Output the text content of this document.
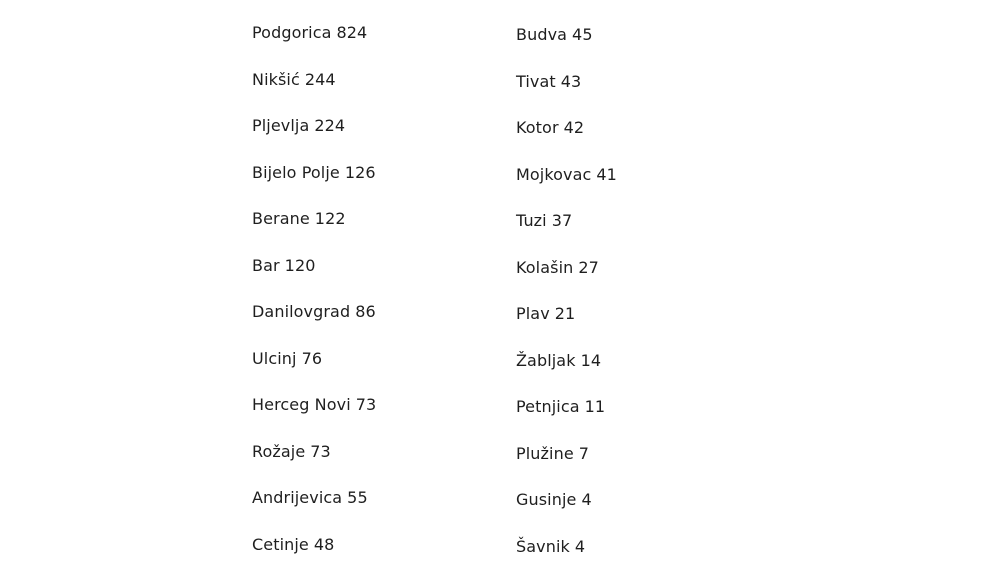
Podgorica 824
Nikšić 244
Pljevlja 224
Bijelo Polje 126
Berane 122
Bar 120
Danilovgrad 86
Ulcinj 76
Herceg Novi 73
Rožaje 73
Andrijevica 55
Cetinje 48
Budva 45
Tivat 43
Kotor 42
Mojkovac 41
Tuzi 37
Kolašin 27
Plav 21
Žabljak 14
Petnjica 11
Plužine 7
Gusinje 4
Šavnik 4
